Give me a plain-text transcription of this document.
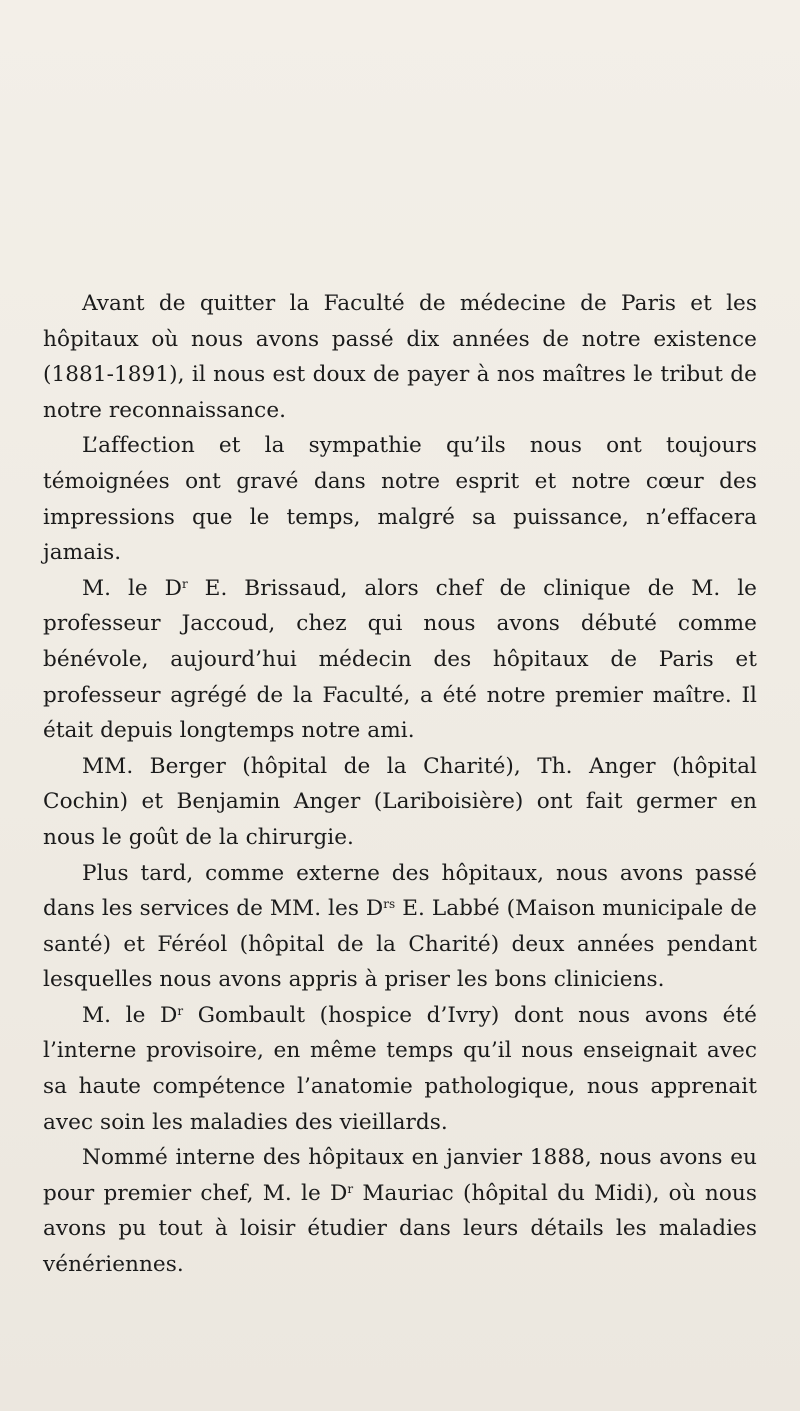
Avant de quitter la Faculté de médecine de Paris et les hôpitaux où nous avons passé dix années de notre existence (1881-1891), il nous est doux de payer à nos maîtres le tribut de notre reconnaissance.

L’affection et la sympathie qu’ils nous ont toujours témoignées ont gravé dans notre esprit et notre cœur des impressions que le temps, malgré sa puissance, n’effacera jamais.

M. le $D^r$ E. Brissaud, alors chef de clinique de M. le professeur Jaccoud, chez qui nous avons débuté comme bénévole, aujourd’hui médecin des hôpitaux de Paris et professeur agrégé de la Faculté, a été notre premier maître. Il était depuis longtemps notre ami.

MM. Berger (hôpital de la Charité), Th. Anger (hôpital Cochin) et Benjamin Anger (Lariboisière) ont fait germer en nous le goût de la chirurgie.

Plus tard, comme externe des hôpitaux, nous avons passé dans les services de MM. les $D^{rs}$ E. Labbé (Maison municipale de santé) et Féréol (hôpital de la Charité) deux années pendant lesquelles nous avons appris à priser les bons cliniciens.

M. le $D^r$ Gombault (hospice d’Ivry) dont nous avons été l’interne provisoire, en même temps qu’il nous enseignait avec sa haute compétence l’anatomie pathologique, nous apprenait avec soin les maladies des vieillards.

Nommé interne des hôpitaux en janvier 1888, nous avons eu pour premier chef, M. le $D^r$ Mauriac (hôpital du Midi), où nous avons pu tout à loisir étudier dans leurs détails les maladies vénériennes.
